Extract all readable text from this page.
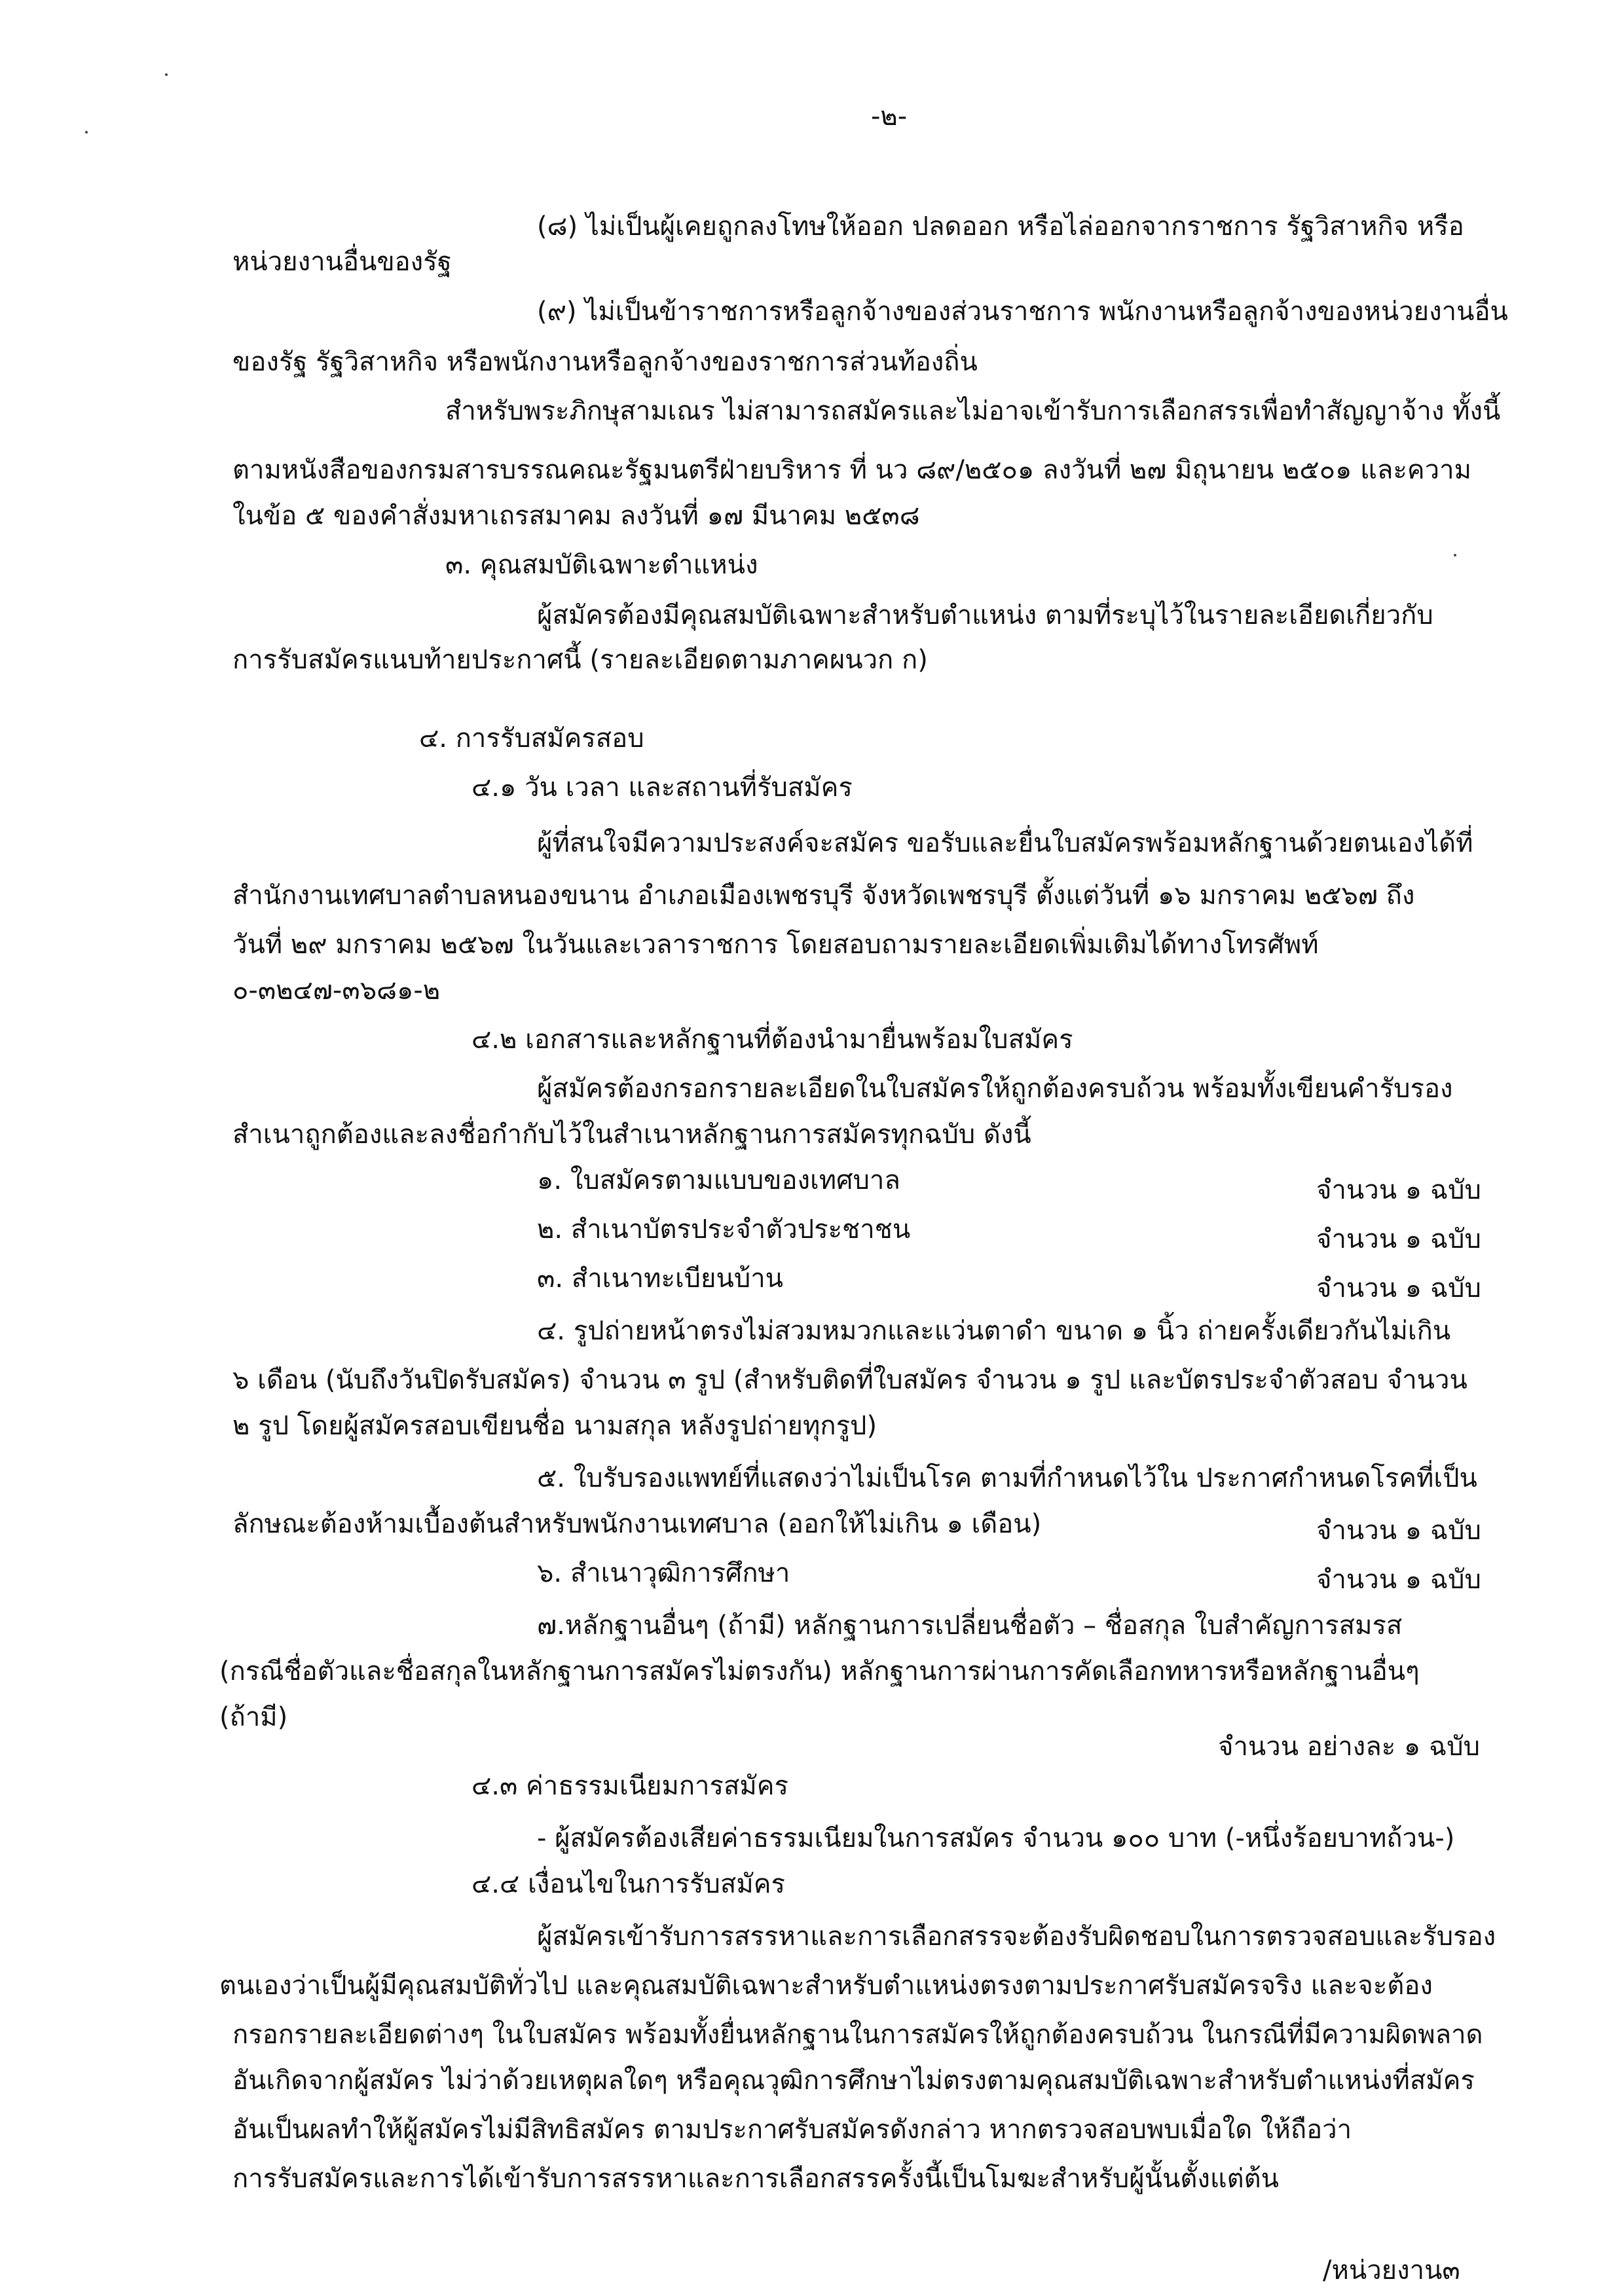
-๒-
(๘) ไม่เป็นผู้เคยถูกลงโทษให้ออก ปลดออก หรือไล่ออกจากราชการ รัฐวิสาหกิจ หรือ
หน่วยงานอื่นของรัฐ
(๙) ไม่เป็นข้าราชการหรือลูกจ้างของส่วนราชการ พนักงานหรือลูกจ้างของหน่วยงานอื่น
ของรัฐ รัฐวิสาหกิจ หรือพนักงานหรือลูกจ้างของราชการส่วนท้องถิ่น
สำหรับพระภิกษุสามเณร ไม่สามารถสมัครและไม่อาจเข้ารับการเลือกสรรเพื่อทำสัญญาจ้าง ทั้งนี้
ตามหนังสือของกรมสารบรรณคณะรัฐมนตรีฝ่ายบริหาร ที่ นว ๘๙/๒๕๐๑ ลงวันที่ ๒๗ มิถุนายน ๒๕๐๑ และความ
ในข้อ ๕ ของคำสั่งมหาเถรสมาคม ลงวันที่ ๑๗ มีนาคม ๒๕๓๘
๓. คุณสมบัติเฉพาะตำแหน่ง
ผู้สมัครต้องมีคุณสมบัติเฉพาะสำหรับตำแหน่ง ตามที่ระบุไว้ในรายละเอียดเกี่ยวกับ
การรับสมัครแนบท้ายประกาศนี้ (รายละเอียดตามภาคผนวก ก)
๔. การรับสมัครสอบ
๔.๑ วัน เวลา และสถานที่รับสมัคร
ผู้ที่สนใจมีความประสงค์จะสมัคร ขอรับและยื่นใบสมัครพร้อมหลักฐานด้วยตนเองได้ที่
สำนักงานเทศบาลตำบลหนองขนาน อำเภอเมืองเพชรบุรี จังหวัดเพชรบุรี ตั้งแต่วันที่ ๑๖ มกราคม ๒๕๖๗ ถึง
วันที่ ๒๙ มกราคม ๒๕๖๗ ในวันและเวลาราชการ โดยสอบถามรายละเอียดเพิ่มเติมได้ทางโทรศัพท์
๐-๓๒๔๗-๓๖๘๑-๒
๔.๒ เอกสารและหลักฐานที่ต้องนำมายื่นพร้อมใบสมัคร
ผู้สมัครต้องกรอกรายละเอียดในใบสมัครให้ถูกต้องครบถ้วน พร้อมทั้งเขียนคำรับรอง
สำเนาถูกต้องและลงชื่อกำกับไว้ในสำเนาหลักฐานการสมัครทุกฉบับ ดังนี้
๑. ใบสมัครตามแบบของเทศบาล	จำนวน ๑ ฉบับ
๒. สำเนาบัตรประจำตัวประชาชน	จำนวน ๑ ฉบับ
๓. สำเนาทะเบียนบ้าน	จำนวน ๑ ฉบับ
๔. รูปถ่ายหน้าตรงไม่สวมหมวกและแว่นตาดำ ขนาด ๑ นิ้ว ถ่ายครั้งเดียวกันไม่เกิน
๖ เดือน (นับถึงวันปิดรับสมัคร) จำนวน ๓ รูป (สำหรับติดที่ใบสมัคร จำนวน ๑ รูป และบัตรประจำตัวสอบ จำนวน
๒ รูป โดยผู้สมัครสอบเขียนชื่อ นามสกุล หลังรูปถ่ายทุกรูป)
๕. ใบรับรองแพทย์ที่แสดงว่าไม่เป็นโรค ตามที่กำหนดไว้ใน ประกาศกำหนดโรคที่เป็น
ลักษณะต้องห้ามเบื้องต้นสำหรับพนักงานเทศบาล (ออกให้ไม่เกิน ๑ เดือน)	จำนวน ๑ ฉบับ
๖. สำเนาวุฒิการศึกษา	จำนวน ๑ ฉบับ
๗.หลักฐานอื่นๆ (ถ้ามี) หลักฐานการเปลี่ยนชื่อตัว – ชื่อสกุล ใบสำคัญการสมรส
(กรณีชื่อตัวและชื่อสกุลในหลักฐานการสมัครไม่ตรงกัน) หลักฐานการผ่านการคัดเลือกทหารหรือหลักฐานอื่นๆ
(ถ้ามี)
จำนวน อย่างละ ๑ ฉบับ
๔.๓ ค่าธรรมเนียมการสมัคร
- ผู้สมัครต้องเสียค่าธรรมเนียมในการสมัคร จำนวน ๑๐๐ บาท (-หนึ่งร้อยบาทถ้วน-)
๔.๔ เงื่อนไขในการรับสมัคร
ผู้สมัครเข้ารับการสรรหาและการเลือกสรรจะต้องรับผิดชอบในการตรวจสอบและรับรอง
ตนเองว่าเป็นผู้มีคุณสมบัติทั่วไป และคุณสมบัติเฉพาะสำหรับตำแหน่งตรงตามประกาศรับสมัครจริง และจะต้อง
กรอกรายละเอียดต่างๆ ในใบสมัคร พร้อมทั้งยื่นหลักฐานในการสมัครให้ถูกต้องครบถ้วน ในกรณีที่มีความผิดพลาด
อันเกิดจากผู้สมัคร ไม่ว่าด้วยเหตุผลใดๆ หรือคุณวุฒิการศึกษาไม่ตรงตามคุณสมบัติเฉพาะสำหรับตำแหน่งที่สมัคร
อันเป็นผลทำให้ผู้สมัครไม่มีสิทธิสมัคร ตามประกาศรับสมัครดังกล่าว หากตรวจสอบพบเมื่อใด ให้ถือว่า
การรับสมัครและการได้เข้ารับการสรรหาและการเลือกสรรครั้งนี้เป็นโมฆะสำหรับผู้นั้นตั้งแต่ต้น
/หน่วยงาน๓
